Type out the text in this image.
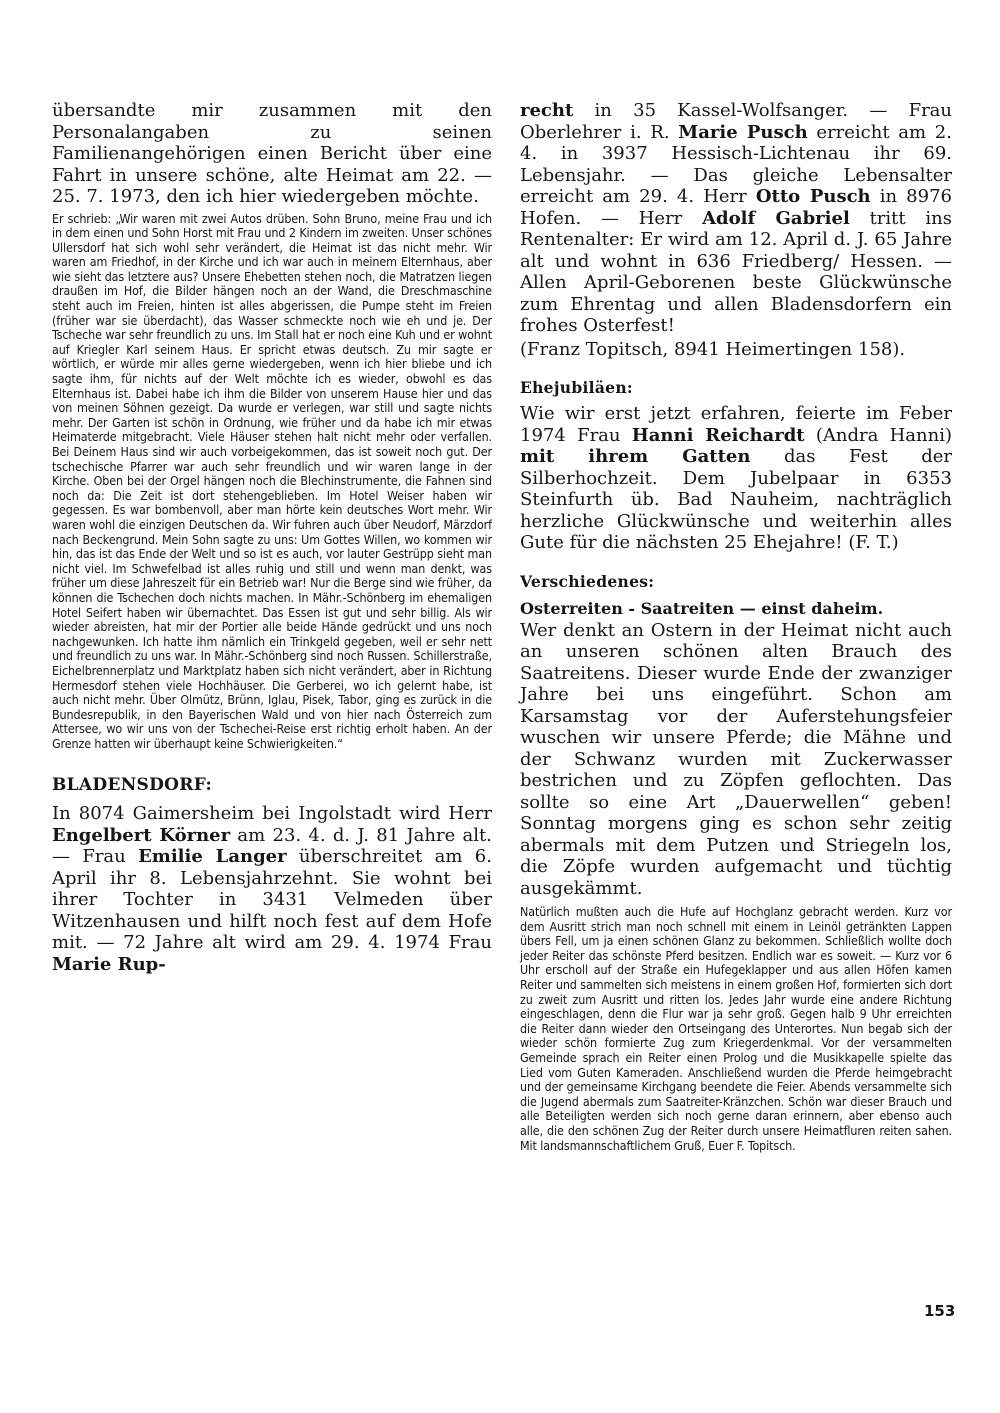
übersandte mir zusammen mit den Personalangaben zu seinen Familienangehörigen einen Bericht über eine Fahrt in unsere schöne, alte Heimat am 22. — 25. 7. 1973, den ich hier wiedergeben möchte.

Er schrieb: „Wir waren mit zwei Autos drüben. Sohn Bruno, meine Frau und ich in dem einen und Sohn Horst mit Frau und 2 Kindern im zweiten. Unser schönes Ullersdorf hat sich wohl sehr verändert, die Heimat ist das nicht mehr. Wir waren am Friedhof, in der Kirche und ich war auch in meinem Elternhaus, aber wie sieht das letztere aus? Unsere Ehebetten stehen noch, die Matratzen liegen draußen im Hof, die Bilder hängen noch an der Wand, die Dreschmaschine steht auch im Freien, hinten ist alles abgerissen, die Pumpe steht im Freien (früher war sie überdacht), das Wasser schmeckte noch wie eh und je. Der Tscheche war sehr freundlich zu uns. Im Stall hat er noch eine Kuh und er wohnt auf Kriegler Karl seinem Haus. Er spricht etwas deutsch. Zu mir sagte er wörtlich, er würde mir alles gerne wiedergeben, wenn ich hier bliebe und ich sagte ihm, für nichts auf der Welt möchte ich es wieder, obwohl es das Elternhaus ist. Dabei habe ich ihm die Bilder von unserem Hause hier und das von meinen Söhnen gezeigt. Da wurde er verlegen, war still und sagte nichts mehr. Der Garten ist schön in Ordnung, wie früher und da habe ich mir etwas Heimaterde mitgebracht. Viele Häuser stehen halt nicht mehr oder verfallen. Bei Deinem Haus sind wir auch vorbeigekommen, das ist soweit noch gut. Der tschechische Pfarrer war auch sehr freundlich und wir waren lange in der Kirche. Oben bei der Orgel hängen noch die Blechinstrumente, die Fahnen sind noch da: Die Zeit ist dort stehengeblieben. Im Hotel Weiser haben wir gegessen. Es war bombenvoll, aber man hörte kein deutsches Wort mehr. Wir waren wohl die einzigen Deutschen da. Wir fuhren auch über Neudorf, Märzdorf nach Beckengrund. Mein Sohn sagte zu uns: Um Gottes Willen, wo kommen wir hin, das ist das Ende der Welt und so ist es auch, vor lauter Gestrüpp sieht man nicht viel. Im Schwefelbad ist alles ruhig und still und wenn man denkt, was früher um diese Jahreszeit für ein Betrieb war! Nur die Berge sind wie früher, da können die Tschechen doch nichts machen. In Mähr.-Schönberg im ehemaligen Hotel Seifert haben wir übernachtet. Das Essen ist gut und sehr billig. Als wir wieder abreisten, hat mir der Portier alle beide Hände gedrückt und uns noch nachgewunken. Ich hatte ihm nämlich ein Trinkgeld gegeben, weil er sehr nett und freundlich zu uns war. In Mähr.-Schönberg sind noch Russen. Schillerstraße, Eichelbrennerplatz und Marktplatz haben sich nicht verändert, aber in Richtung Hermesdorf stehen viele Hochhäuser. Die Gerberei, wo ich gelernt habe, ist auch nicht mehr. Über Olmütz, Brünn, Iglau, Pisek, Tabor, ging es zurück in die Bundesrepublik, in den Bayerischen Wald und von hier nach Österreich zum Attersee, wo wir uns von der Tschechei-Reise erst richtig erholt haben. An der Grenze hatten wir überhaupt keine Schwierigkeiten.“

BLADENSDORF:

In 8074 Gaimersheim bei Ingolstadt wird Herr Engelbert Körner am 23. 4. d. J. 81 Jahre alt. — Frau Emilie Langer überschreitet am 6. April ihr 8. Lebensjahrzehnt. Sie wohnt bei ihrer Tochter in 3431 Velmeden über Witzenhausen und hilft noch fest auf dem Hofe mit. — 72 Jahre alt wird am 29. 4. 1974 Frau Marie Rup-

recht in 35 Kassel-Wolfsanger. — Frau Oberlehrer i. R. Marie Pusch erreicht am 2. 4. in 3937 Hessisch-Lichtenau ihr 69. Lebensjahr. — Das gleiche Lebensalter erreicht am 29. 4. Herr Otto Pusch in 8976 Hofen. — Herr Adolf Gabriel tritt ins Rentenalter: Er wird am 12. April d. J. 65 Jahre alt und wohnt in 636 Friedberg/ Hessen. — Allen April-Geborenen beste Glückwünsche zum Ehrentag und allen Bladensdorfern ein frohes Osterfest!

(Franz Topitsch, 8941 Heimertingen 158).

Ehejubiläen:

Wie wir erst jetzt erfahren, feierte im Feber 1974 Frau Hanni Reichardt (Andra Hanni) mit ihrem Gatten das Fest der Silberhochzeit. Dem Jubelpaar in 6353 Steinfurth üb. Bad Nauheim, nachträglich herzliche Glückwünsche und weiterhin alles Gute für die nächsten 25 Ehejahre! (F. T.)

Verschiedenes:
Osterreiten - Saatreiten — einst daheim.

Wer denkt an Ostern in der Heimat nicht auch an unseren schönen alten Brauch des Saatreitens. Dieser wurde Ende der zwanziger Jahre bei uns eingeführt. Schon am Karsamstag vor der Auferstehungsfeier wuschen wir unsere Pferde; die Mähne und der Schwanz wurden mit Zuckerwasser bestrichen und zu Zöpfen geflochten. Das sollte so eine Art „Dauerwellen“ geben! Sonntag morgens ging es schon sehr zeitig abermals mit dem Putzen und Striegeln los, die Zöpfe wurden aufgemacht und tüchtig ausgekämmt.

Natürlich mußten auch die Hufe auf Hochglanz gebracht werden. Kurz vor dem Ausritt strich man noch schnell mit einem in Leinöl getränkten Lappen übers Fell, um ja einen schönen Glanz zu bekommen. Schließlich wollte doch jeder Reiter das schönste Pferd besitzen. Endlich war es soweit. — Kurz vor 6 Uhr erscholl auf der Straße ein Hufegeklapper und aus allen Höfen kamen Reiter und sammelten sich meistens in einem großen Hof, formierten sich dort zu zweit zum Ausritt und ritten los. Jedes Jahr wurde eine andere Richtung eingeschlagen, denn die Flur war ja sehr groß. Gegen halb 9 Uhr erreichten die Reiter dann wieder den Ortseingang des Unterortes. Nun begab sich der wieder schön formierte Zug zum Kriegerdenkmal. Vor der versammelten Gemeinde sprach ein Reiter einen Prolog und die Musikkapelle spielte das Lied vom Guten Kameraden. Anschließend wurden die Pferde heimgebracht und der gemeinsame Kirchgang beendete die Feier. Abends versammelte sich die Jugend abermals zum Saatreiter-Kränzchen. Schön war dieser Brauch und alle Beteiligten werden sich noch gerne daran erinnern, aber ebenso auch alle, die den schönen Zug der Reiter durch unsere Heimatfluren reiten sahen. Mit landsmannschaftlichem Gruß, Euer F. Topitsch.

153
